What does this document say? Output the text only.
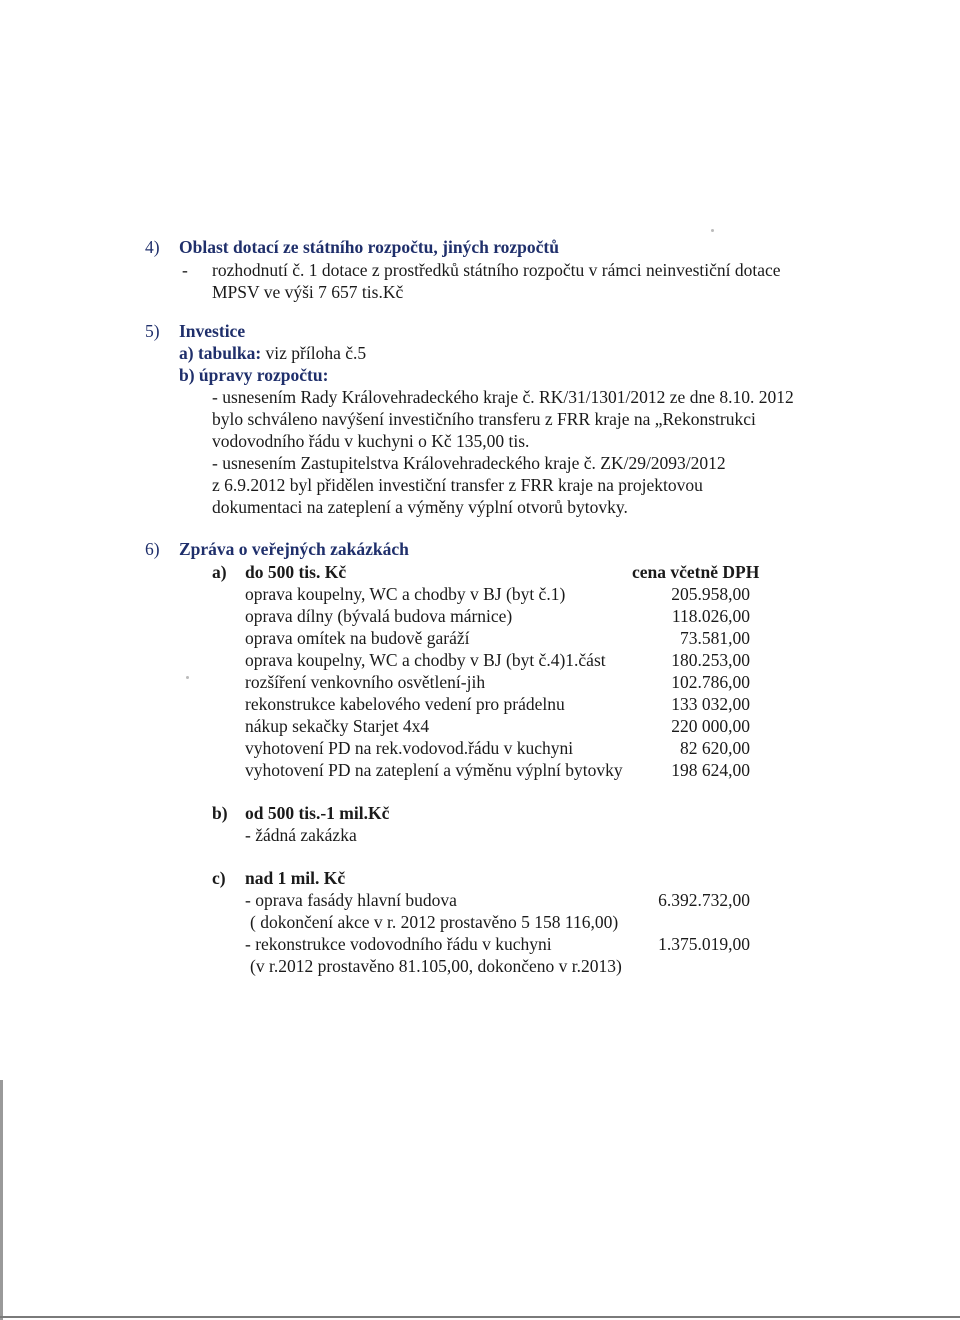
4) Oblast dotací ze státního rozpočtu, jiných rozpočtů
- rozhodnutí č. 1 dotace z prostředků státního rozpočtu v rámci neinvestiční dotace
MPSV ve výši 7 657 tis.Kč
5) Investice
a) tabulka: viz příloha č.5
b) úpravy rozpočtu:
- usnesením Rady Královehradeckého kraje č. RK/31/1301/2012 ze dne 8.10. 2012
bylo schváleno navýšení investičního transferu z FRR kraje na „Rekonstrukci
vodovodního řádu v kuchyni o Kč 135,00 tis.
- usnesením Zastupitelstva Královehradeckého kraje č. ZK/29/2093/2012
z 6.9.2012 byl přidělen investiční transfer z FRR kraje na projektovou
dokumentaci na zateplení a výměny výplní otvorů bytovky.
6) Zpráva o veřejných zakázkách
a) do 500 tis. Kč	cena včetně DPH
oprava koupelny, WC a chodby v BJ (byt č.1)	205.958,00
oprava dílny (bývalá budova márnice)	118.026,00
oprava omítek na budově garáží	73.581,00
oprava koupelny, WC a chodby v BJ (byt č.4)1.část	180.253,00
rozšíření venkovního osvětlení-jih	102.786,00
rekonstrukce kabelového vedení pro prádelnu	133 032,00
nákup sekačky Starjet 4x4	220 000,00
vyhotovení PD na rek.vodovod.řádu v kuchyni	82 620,00
vyhotovení PD na zateplení a výměnu výplní bytovky	198 624,00
b) od 500 tis.-1 mil.Kč
- žádná zakázka
c) nad 1 mil. Kč
- oprava fasády hlavní budova	6.392.732,00
( dokončení akce v r. 2012 prostavěno 5 158 116,00)
- rekonstrukce vodovodního řádu v kuchyni	1.375.019,00
(v r.2012 prostavěno 81.105,00, dokončeno v r.2013)
